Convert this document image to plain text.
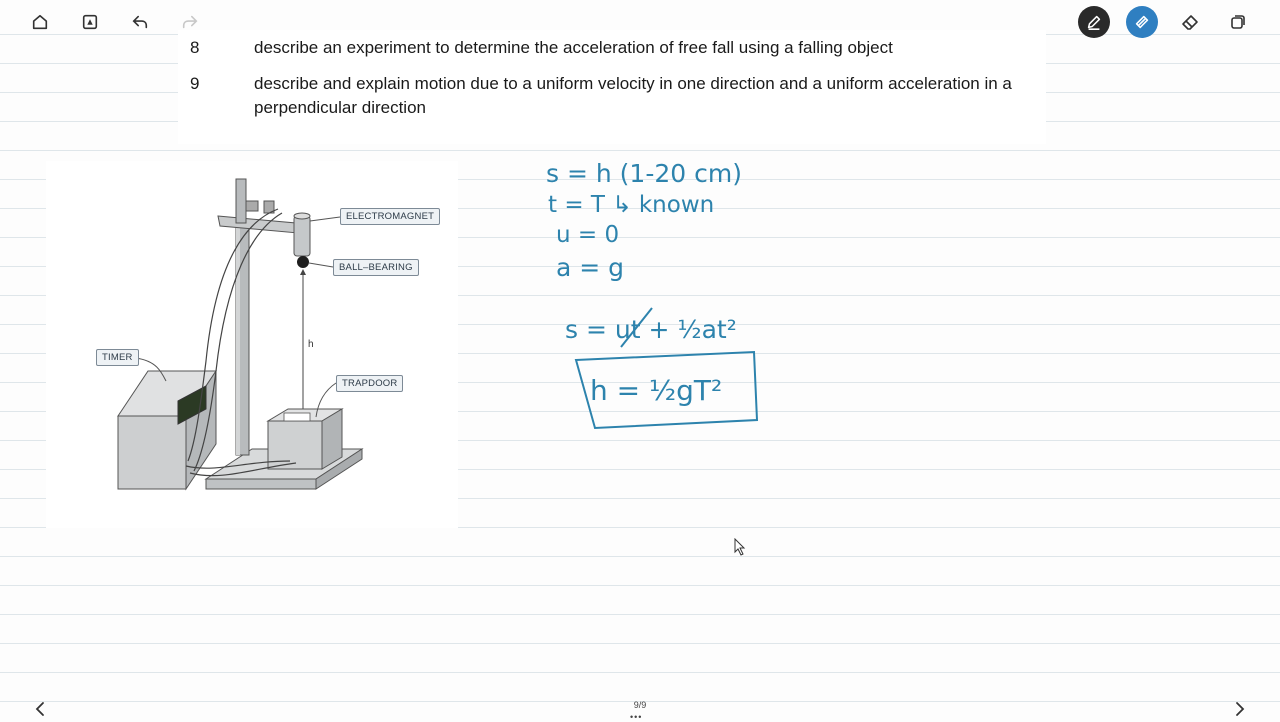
8	describe an experiment to determine the acceleration of free fall using a falling object
9	describe and explain motion due to a uniform velocity in one direction and a uniform acceleration in a perpendicular direction
ELECTROMAGNET
BALL–BEARING
TIMER
TRAPDOOR
h
s = h (1-20 cm)
t = T ↳ known
u = 0
a = g
s = ut + ½at²
h = ½gT²
9/9
•••
